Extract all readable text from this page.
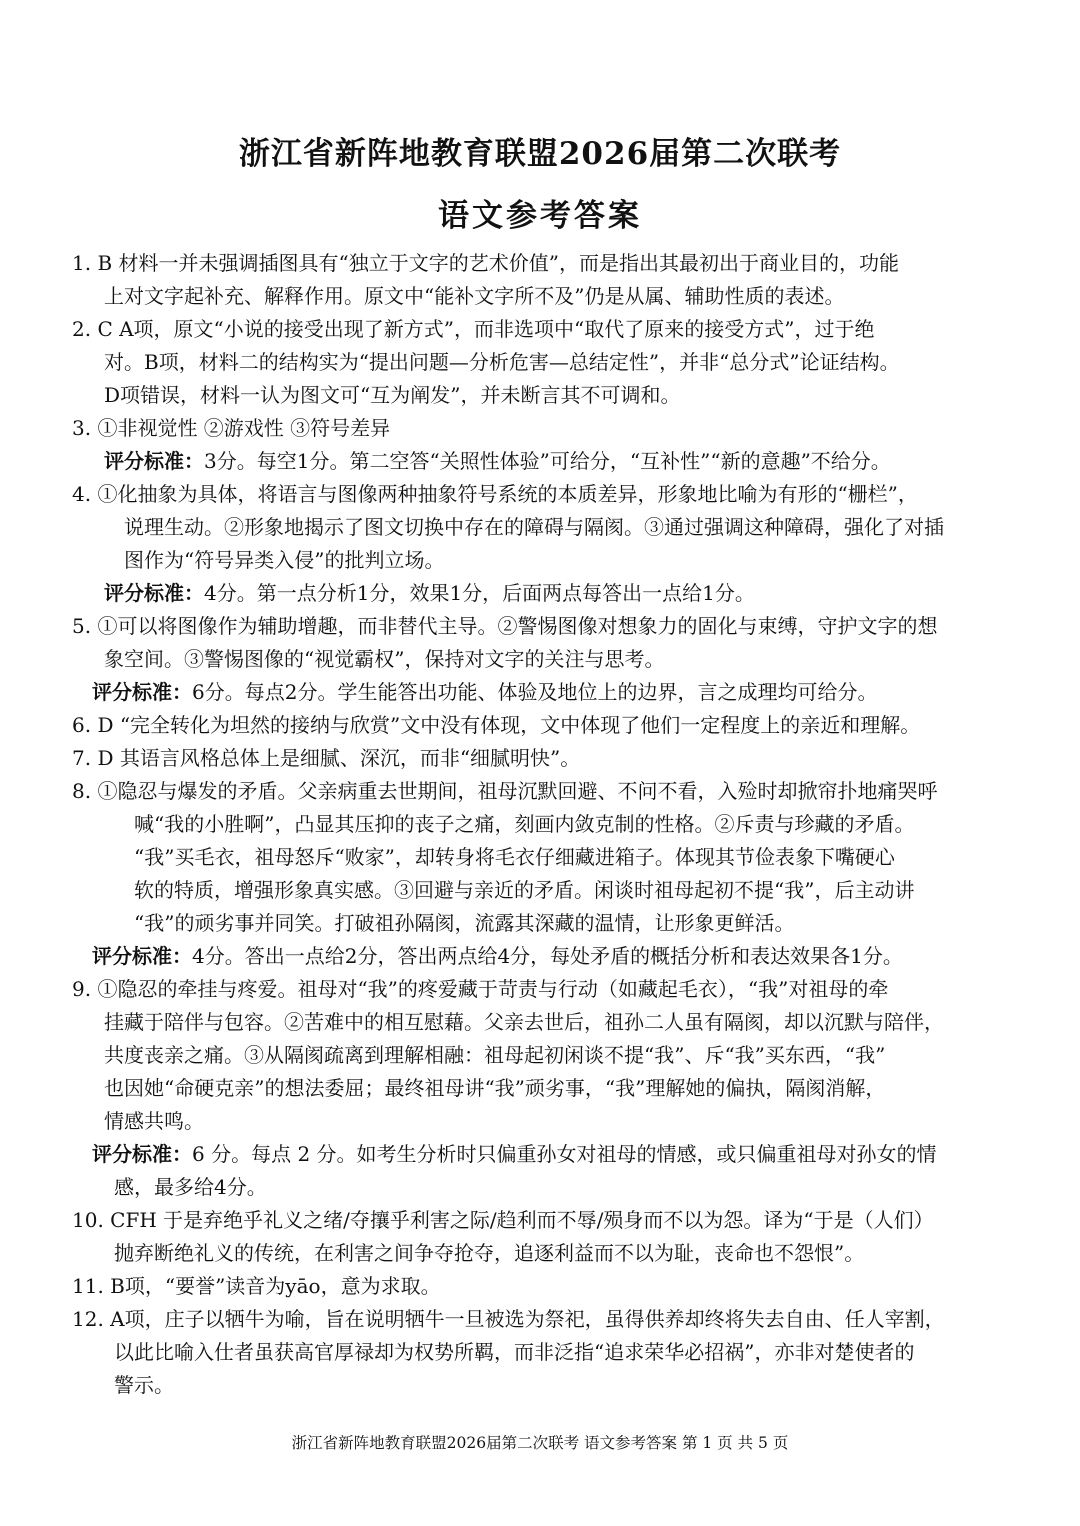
浙江省新阵地教育联盟2026届第二次联考
语文参考答案
1. B 材料一并未强调插图具有“独立于文字的艺术价值”，而是指出其最初出于商业目的，功能
上对文字起补充、解释作用。原文中“能补文字所不及”仍是从属、辅助性质的表述。
2. C A项，原文“小说的接受出现了新方式”，而非选项中“取代了原来的接受方式”，过于绝
对。B项，材料二的结构实为“提出问题—分析危害—总结定性”，并非“总分式”论证结构。
D项错误，材料一认为图文可“互为阐发”，并未断言其不可调和。
3. ①非视觉性 ②游戏性 ③符号差异
评分标准：3分。每空1分。第二空答“关照性体验”可给分，“互补性”“新的意趣”不给分。
4. ①化抽象为具体，将语言与图像两种抽象符号系统的本质差异，形象地比喻为有形的“栅栏”，
说理生动。②形象地揭示了图文切换中存在的障碍与隔阂。③通过强调这种障碍，强化了对插
图作为“符号异类入侵”的批判立场。
评分标准：4分。第一点分析1分，效果1分，后面两点每答出一点给1分。
5. ①可以将图像作为辅助增趣，而非替代主导。②警惕图像对想象力的固化与束缚，守护文字的想
象空间。③警惕图像的“视觉霸权”，保持对文字的关注与思考。
评分标准：6分。每点2分。学生能答出功能、体验及地位上的边界，言之成理均可给分。
6. D “完全转化为坦然的接纳与欣赏”文中没有体现，文中体现了他们一定程度上的亲近和理解。
7. D 其语言风格总体上是细腻、深沉，而非“细腻明快”。
8. ①隐忍与爆发的矛盾。父亲病重去世期间，祖母沉默回避、不问不看，入殓时却掀帘扑地痛哭呼
喊“我的小胜啊”，凸显其压抑的丧子之痛，刻画内敛克制的性格。②斥责与珍藏的矛盾。
“我”买毛衣，祖母怒斥“败家”，却转身将毛衣仔细藏进箱子。体现其节俭表象下嘴硬心
软的特质，增强形象真实感。③回避与亲近的矛盾。闲谈时祖母起初不提“我”，后主动讲
“我”的顽劣事并同笑。打破祖孙隔阂，流露其深藏的温情，让形象更鲜活。
评分标准：4分。答出一点给2分，答出两点给4分，每处矛盾的概括分析和表达效果各1分。
9. ①隐忍的牵挂与疼爱。祖母对“我”的疼爱藏于苛责与行动（如藏起毛衣），“我”对祖母的牵
挂藏于陪伴与包容。②苦难中的相互慰藉。父亲去世后，祖孙二人虽有隔阂，却以沉默与陪伴，
共度丧亲之痛。③从隔阂疏离到理解相融：祖母起初闲谈不提“我”、斥“我”买东西，“我”
也因她“命硬克亲”的想法委屈；最终祖母讲“我”顽劣事，“我”理解她的偏执，隔阂消解，
情感共鸣。
评分标准：6 分。每点 2 分。如考生分析时只偏重孙女对祖母的情感，或只偏重祖母对孙女的情
感，最多给4分。
10. CFH 于是弃绝乎礼义之绪/夺攘乎利害之际/趋利而不辱/殒身而不以为怨。译为“于是（人们）
抛弃断绝礼义的传统，在利害之间争夺抢夺，追逐利益而不以为耻，丧命也不怨恨”。
11. B项，“要誉”读音为yāo，意为求取。
12. A项，庄子以牺牛为喻，旨在说明牺牛一旦被选为祭祀，虽得供养却终将失去自由、任人宰割，
以此比喻入仕者虽获高官厚禄却为权势所羁，而非泛指“追求荣华必招祸”，亦非对楚使者的
警示。
浙江省新阵地教育联盟2026届第二次联考 语文参考答案 第 1 页 共 5 页
